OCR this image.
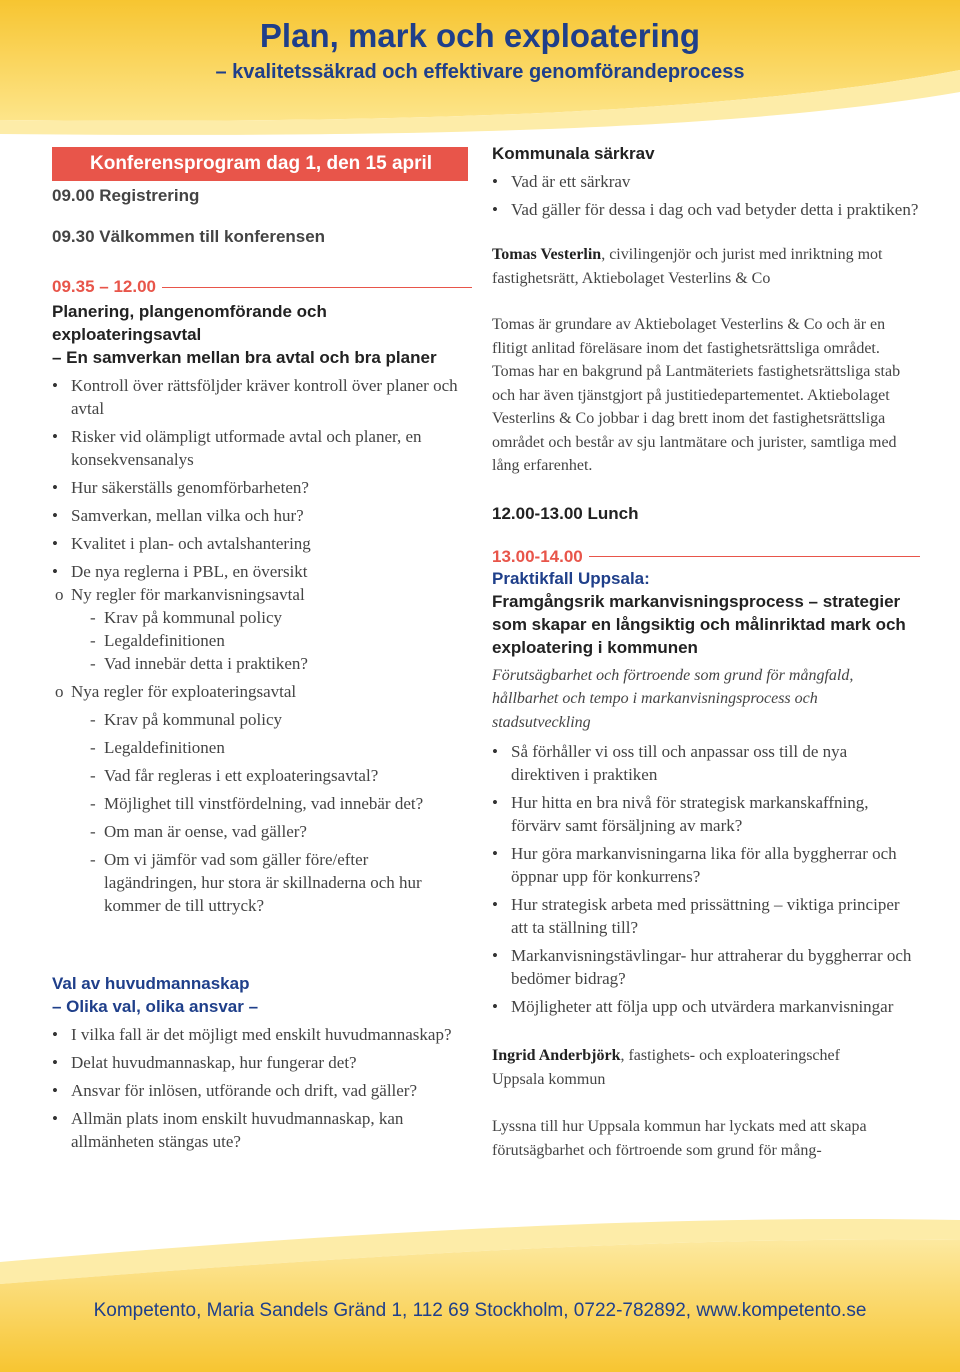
Plan, mark och exploatering
– kvalitetssäkrad och effektivare genomförandeprocess
Konferensprogram dag 1, den 15 april
09.00 Registrering
09.30 Välkommen till konferensen
09.35 – 12.00
Planering, plangenomförande och exploateringsavtal
– En samverkan mellan bra avtal och bra planer
• Kontroll över rättsföljder kräver kontroll över planer och avtal
• Risker vid olämpligt utformade avtal och planer, en konsekvensanalys
• Hur säkerställs genomförbarheten?
• Samverkan, mellan vilka och hur?
• Kvalitet i plan- och avtalshantering
• De nya reglerna i PBL, en översikt
o Ny regler för markanvisningsavtal
- Krav på kommunal policy
- Legaldefinitionen
- Vad innebär detta i praktiken?
o Nya regler för exploateringsavtal
- Krav på kommunal policy
- Legaldefinitionen
- Vad får regleras i ett exploateringsavtal?
- Möjlighet till vinstfördelning, vad innebär det?
- Om man är oense, vad gäller?
- Om vi jämför vad som gäller före/efter lagändringen, hur stora är skillnaderna och hur kommer de till uttryck?
Val av huvudmannaskap
– Olika val, olika ansvar –
• I vilka fall är det möjligt med enskilt huvudmannaskap?
• Delat huvudmannaskap, hur fungerar det?
• Ansvar för inlösen, utförande och drift, vad gäller?
• Allmän plats inom enskilt huvudmannaskap, kan allmänheten stängas ute?
Kommunala särkrav
• Vad är ett särkrav
• Vad gäller för dessa i dag och vad betyder detta i praktiken?
Tomas Vesterlin, civilingenjör och jurist med inriktning mot fastighetsrätt, Aktiebolaget Vesterlins & Co
Tomas är grundare av Aktiebolaget Vesterlins & Co och är en flitigt anlitad föreläsare inom det fastighetsrättsliga området. Tomas har en bakgrund på Lantmäteriets fastighetsrättsliga stab och har även tjänstgjort på justitiedepartementet. Aktiebolaget Vesterlins & Co jobbar i dag brett inom det fastighetsrättsliga området och består av sju lantmätare och jurister, samtliga med lång erfarenhet.
12.00-13.00 Lunch
13.00-14.00
Praktikfall Uppsala:
Framgångsrik markanvisningsprocess – strategier som skapar en långsiktig och målinriktad mark och exploatering i kommunen
Förutsägbarhet och förtroende som grund för mångfald, hållbarhet och tempo i markanvisningsprocess och stadsutveckling
• Så förhåller vi oss till och anpassar oss till de nya direktiven i praktiken
• Hur hitta en bra nivå för strategisk markanskaffning, förvärv samt försäljning av mark?
• Hur göra markanvisningarna lika för alla byggherrar och öppnar upp för konkurrens?
• Hur strategisk arbeta med prissättning – viktiga principer att ta ställning till?
• Markanvisningstävlingar- hur attraherar du byggherrar och bedömer bidrag?
• Möjligheter att följa upp och utvärdera markanvisningar
Ingrid Anderbjörk, fastighets- och exploateringschef
Uppsala kommun
Lyssna till hur Uppsala kommun har lyckats med att skapa förutsägbarhet och förtroende som grund för mång-
Kompetento, Maria Sandels Gränd 1, 112 69 Stockholm, 0722-782892, www.kompetento.se
